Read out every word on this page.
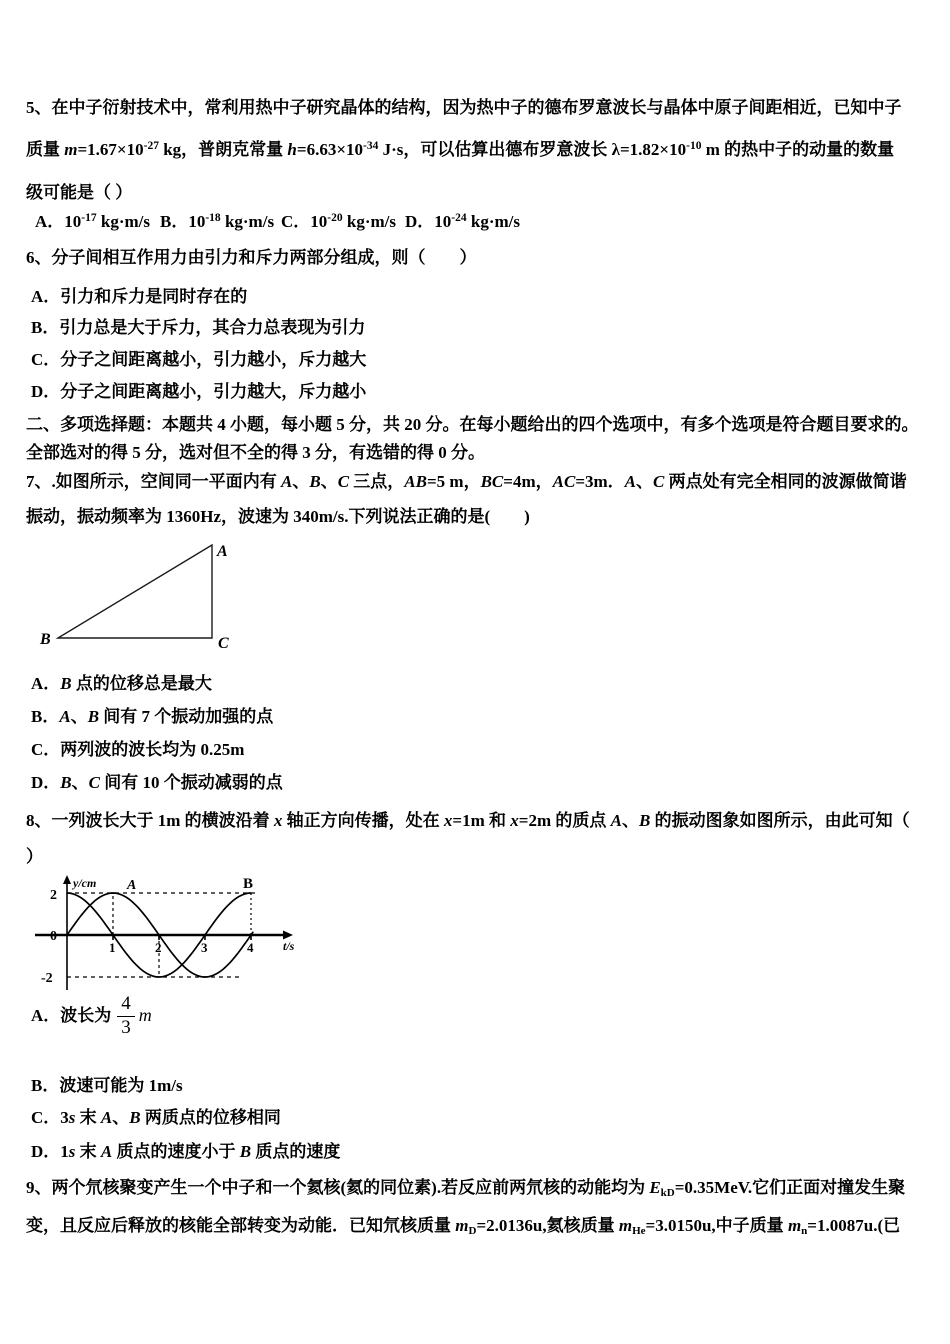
5、在中子衍射技术中，常利用热中子研究晶体的结构，因为热中子的德布罗意波长与晶体中原子间距相近，已知中子
质量 $m=1.67\times 10^{-27}$ kg，普朗克常量 $h=6.63\times 10^{-34}$ J·s，可以估算出德布罗意波长 $\lambda=1.82\times 10^{-10}$ m 的热中子的动量的数量
级可能是（ ）
A．$10^{-17}$ kg·m/s B．$10^{-18}$ kg·m/s C．$10^{-20}$ kg·m/s D．$10^{-24}$ kg·m/s
6、分子间相互作用力由引力和斥力两部分组成，则（　　）
A．引力和斥力是同时存在的
B．引力总是大于斥力，其合力总表现为引力
C．分子之间距离越小，引力越小，斥力越大
D．分子之间距离越小，引力越大，斥力越小
二、多项选择题：本题共 4 小题，每小题 5 分，共 20 分。在每小题给出的四个选项中，有多个选项是符合题目要求的。
全部选对的得 5 分，选对但不全的得 3 分，有选错的得 0 分。
7、.如图所示，空间同一平面内有 A、B、C 三点，AB=5 m，BC=4m，AC=3m．A、C 两点处有完全相同的波源做简谐
振动，振动频率为 1360Hz，波速为 340m/s.下列说法正确的是(　　)
A
B	C
A．B 点的位移总是最大
B．A、B 间有 7 个振动加强的点
C．两列波的波长均为 0.25m
D．B、C 间有 10 个振动减弱的点
8、一列波长大于 1m 的横波沿着 x 轴正方向传播，处在 x=1m 和 x=2m 的质点 A、B 的振动图象如图所示，由此可知（
）
y/cm
t/s
2
0
-2
1	2	3	4
A	B
A．波长为 $\frac{4}{3}$ m
B．波速可能为 1m/s
C．3s 末 A、B 两质点的位移相同
D．1s 末 A 质点的速度小于 B 质点的速度
9、两个氘核聚变产生一个中子和一个氦核(氦的同位素).若反应前两氘核的动能均为 EkD=0.35MeV.它们正面对撞发生聚
变，且反应后释放的核能全部转变为动能．已知氘核质量 mD=2.0136u,氦核质量 mHe=3.0150u,中子质量 mn=1.0087u.(已
